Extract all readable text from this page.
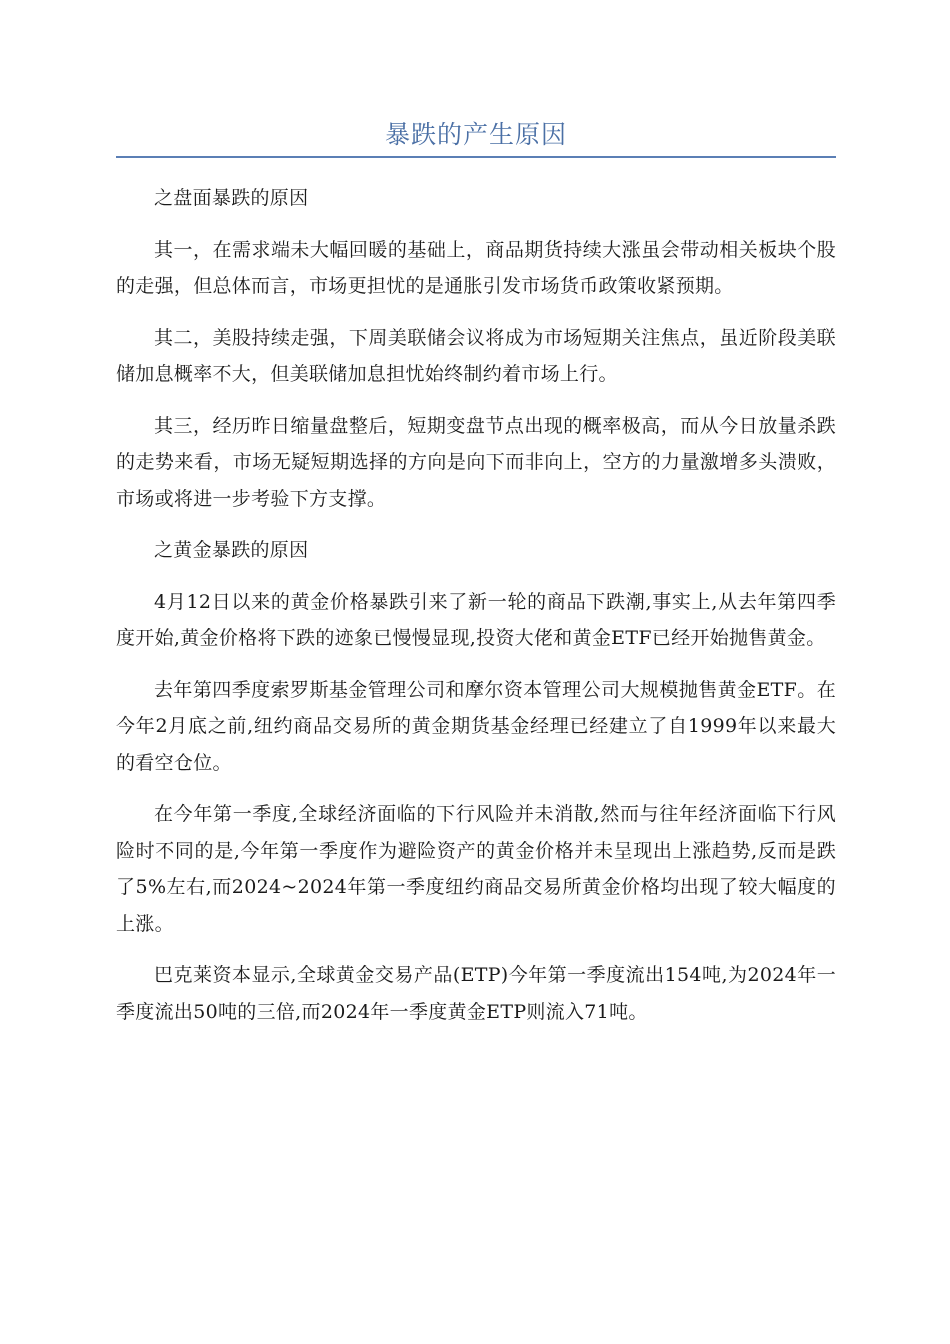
暴跌的产生原因

之盘面暴跌的原因

其一，在需求端未大幅回暖的基础上，商品期货持续大涨虽会带动相关板块个股的走强，但总体而言，市场更担忧的是通胀引发市场货币政策收紧预期。

其二，美股持续走强，下周美联储会议将成为市场短期关注焦点，虽近阶段美联储加息概率不大，但美联储加息担忧始终制约着市场上行。

其三，经历昨日缩量盘整后，短期变盘节点出现的概率极高，而从今日放量杀跌的走势来看，市场无疑短期选择的方向是向下而非向上，空方的力量激增多头溃败，市场或将进一步考验下方支撑。

之黄金暴跌的原因

4月12日以来的黄金价格暴跌引来了新一轮的商品下跌潮,事实上,从去年第四季度开始,黄金价格将下跌的迹象已慢慢显现,投资大佬和黄金ETF已经开始抛售黄金。

去年第四季度索罗斯基金管理公司和摩尔资本管理公司大规模抛售黄金ETF。在今年2月底之前,纽约商品交易所的黄金期货基金经理已经建立了自1999年以来最大的看空仓位。

在今年第一季度,全球经济面临的下行风险并未消散,然而与往年经济面临下行风险时不同的是,今年第一季度作为避险资产的黄金价格并未呈现出上涨趋势,反而是跌了5%左右,而2024~2024年第一季度纽约商品交易所黄金价格均出现了较大幅度的上涨。

巴克莱资本显示,全球黄金交易产品(ETP)今年第一季度流出154吨,为2024年一季度流出50吨的三倍,而2024年一季度黄金ETP则流入71吨。
